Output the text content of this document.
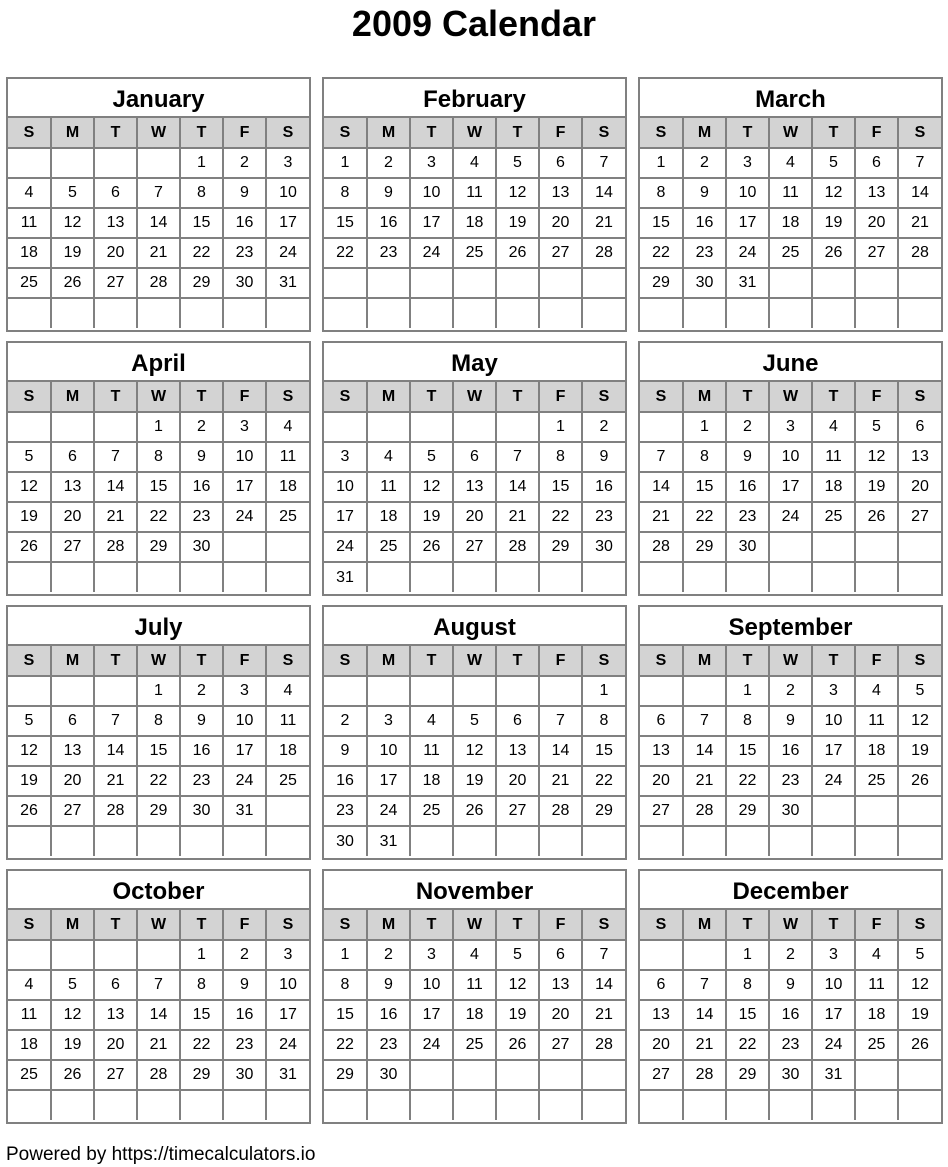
2009 Calendar
January
S	M	T	W	T	F	S
				1	2	3
4	5	6	7	8	9	10
11	12	13	14	15	16	17
18	19	20	21	22	23	24
25	26	27	28	29	30	31

February
S	M	T	W	T	F	S
1	2	3	4	5	6	7
8	9	10	11	12	13	14
15	16	17	18	19	20	21
22	23	24	25	26	27	28

March
S	M	T	W	T	F	S
1	2	3	4	5	6	7
8	9	10	11	12	13	14
15	16	17	18	19	20	21
22	23	24	25	26	27	28
29	30	31				

April
S	M	T	W	T	F	S
			1	2	3	4
5	6	7	8	9	10	11
12	13	14	15	16	17	18
19	20	21	22	23	24	25
26	27	28	29	30		

May
S	M	T	W	T	F	S
					1	2
3	4	5	6	7	8	9
10	11	12	13	14	15	16
17	18	19	20	21	22	23
24	25	26	27	28	29	30
31						
June
S	M	T	W	T	F	S
	1	2	3	4	5	6
7	8	9	10	11	12	13
14	15	16	17	18	19	20
21	22	23	24	25	26	27
28	29	30				

July
S	M	T	W	T	F	S
			1	2	3	4
5	6	7	8	9	10	11
12	13	14	15	16	17	18
19	20	21	22	23	24	25
26	27	28	29	30	31	

August
S	M	T	W	T	F	S
						1
2	3	4	5	6	7	8
9	10	11	12	13	14	15
16	17	18	19	20	21	22
23	24	25	26	27	28	29
30	31					
September
S	M	T	W	T	F	S
		1	2	3	4	5
6	7	8	9	10	11	12
13	14	15	16	17	18	19
20	21	22	23	24	25	26
27	28	29	30			

October
S	M	T	W	T	F	S
				1	2	3
4	5	6	7	8	9	10
11	12	13	14	15	16	17
18	19	20	21	22	23	24
25	26	27	28	29	30	31

November
S	M	T	W	T	F	S
1	2	3	4	5	6	7
8	9	10	11	12	13	14
15	16	17	18	19	20	21
22	23	24	25	26	27	28
29	30					

December
S	M	T	W	T	F	S
		1	2	3	4	5
6	7	8	9	10	11	12
13	14	15	16	17	18	19
20	21	22	23	24	25	26
27	28	29	30	31		

Powered by https://timecalculators.io
